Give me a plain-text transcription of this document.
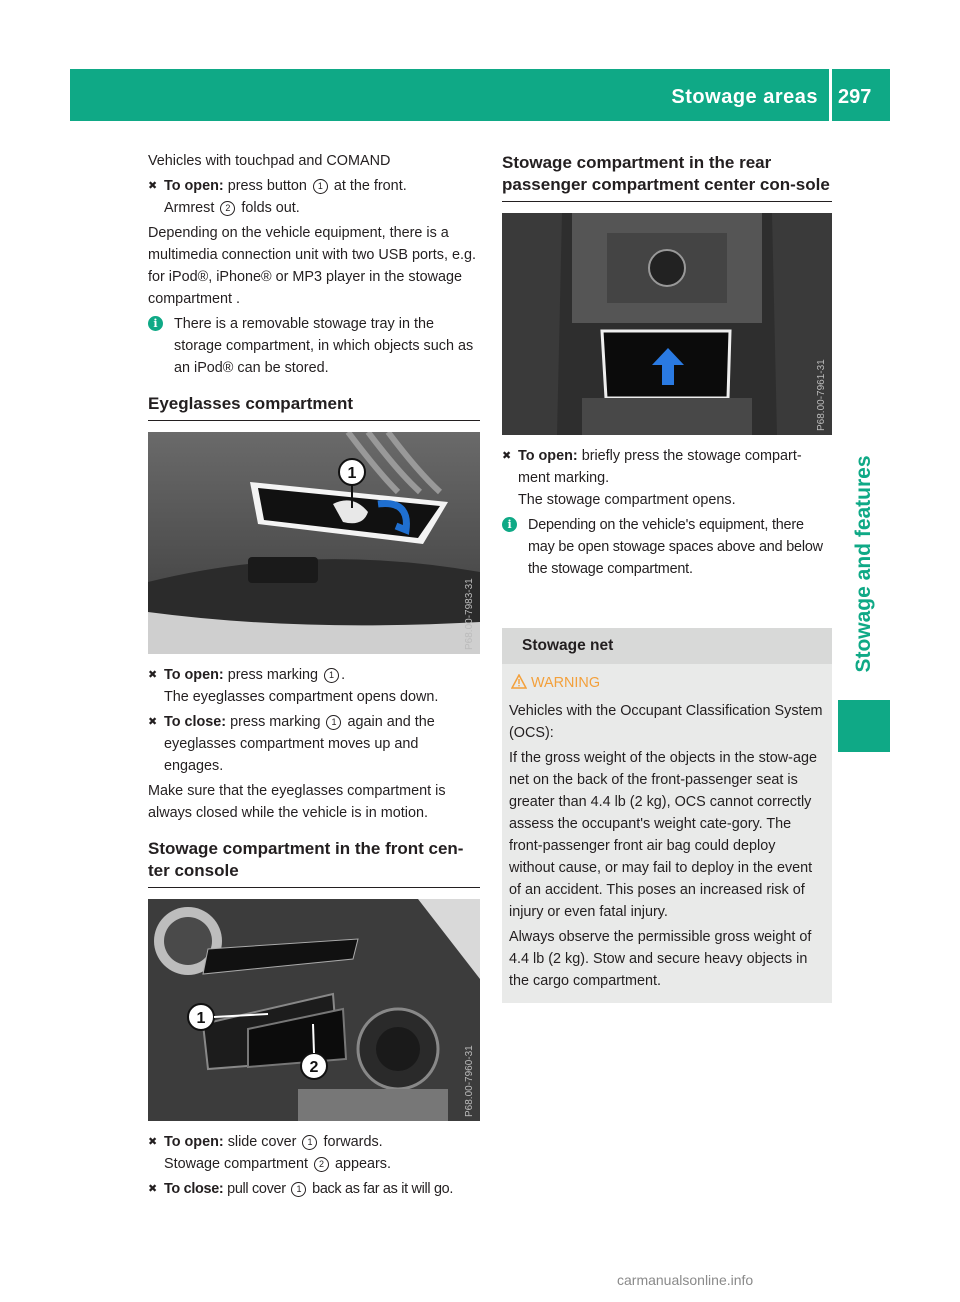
Stowage areas 297
Stowage and features

Vehicles with touchpad and COMAND

✖ To open: press button 1 at the front.
Armrest 2 folds out.

Depending on the vehicle equipment, there is a multimedia connection unit with two USB ports, e.g. for iPod®, iPhone® or MP3 player in the stowage compartment .

i	There is a removable stowage tray in the storage compartment, in which objects such as an iPod® can be stored.
Eyeglasses compartment
1
P68.00-7983-31
✖ To open: press marking 1 .
The eyeglasses compartment opens down.
✖ To close: press marking 1 again and the eyeglasses compartment moves up and engages.

Make sure that the eyeglasses compartment is always closed while the vehicle is in motion.

Stowage compartment in the front cen-ter console
1
2	P68.00-7960-31
✖ To open: slide cover 1 forwards.
Stowage compartment 2 appears.
✖ To close: pull cover 1 back as far as it will go.
Stowage compartment in the rear passenger compartment center con-sole
P68.00-7961-31
✖ To open: briefly press the stowage compart-ment marking.
The stowage compartment opens.
i	Depending on the vehicle's equipment, there may be open stowage spaces above and below the stowage compartment.
Stowage net

WARNING

Vehicles with the Occupant Classification System (OCS):

If the gross weight of the objects in the stow-age net on the back of the front-passenger seat is greater than 4.4 lb (2 kg), OCS cannot correctly assess the occupant's weight cate-gory. The front-passenger front air bag could deploy without cause, or may fail to deploy in the event of an accident. This poses an increased risk of injury or even fatal injury.

Always observe the permissible gross weight of 4.4 lb (2 kg). Stow and secure heavy objects in the cargo compartment.

carmanualsonline.info
